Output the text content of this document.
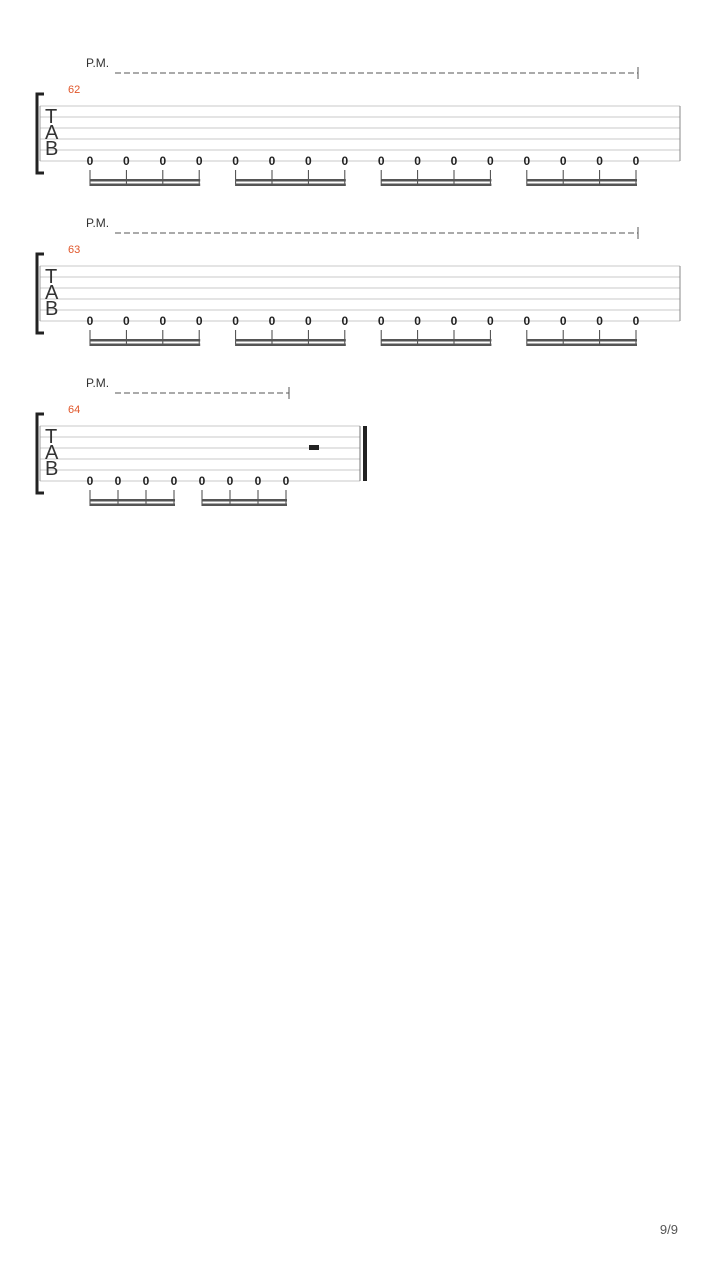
62
P.M.
T
A
B
0 0 0 0 0 0 0 0 0 0 0 0 0 0 0 0
63
P.M.
T
A
B
0 0 0 0 0 0 0 0 0 0 0 0 0 0 0 0
64
P.M.
T
A
B
0 0 0 0 0 0 0 0
9/9
